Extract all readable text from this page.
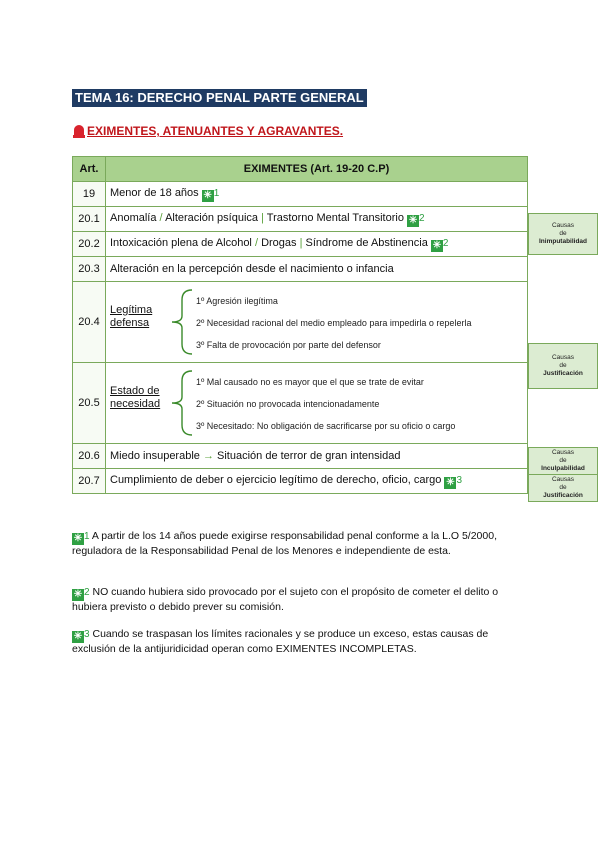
TEMA 16: DERECHO PENAL PARTE GENERAL
EXIMENTES, ATENUANTES Y AGRAVANTES.
Art.	EXIMENTES (Art. 19-20 C.P)
19	Menor de 18 años ✳ 1
20.1	Anomalía / Alteración psíquica | Trastorno Mental Transitorio ✳ 2
20.2	Intoxicación plena de Alcohol / Drogas | Síndrome de Abstinencia ✳ 2
20.3	Alteración en la percepción desde el nacimiento o infancia
20.4	Legítima
defensa
1º Agresión ilegítima
2º Necesidad racional del medio empleado para impedirla o repelerla
3º Falta de provocación por parte del defensor

20.5	Estado de
necesidad
1º Mal causado no es mayor que el que se trate de evitar
2º Situación no provocada intencionadamente
3º Necesitado: No obligación de sacrificarse por su oficio o cargo

20.6	Miedo insuperable → Situación de terror de gran intensidad
20.7	Cumplimiento de deber o ejercicio legítimo de derecho, oficio, cargo ✳ 3
Causas
de
Inimputabilidad
Causas
de
Justificación
Causas
de
Inculpabilidad
Causas
de
Justificación
✳ 1 A partir de los 14 años puede exigirse responsabilidad penal conforme a la L.O 5/2000, reguladora de la Responsabilidad Penal de los Menores e independiente de esta.
✳ 2 NO cuando hubiera sido provocado por el sujeto con el propósito de cometer el delito o hubiera previsto o debido prever su comisión.
✳ 3 Cuando se traspasan los límites racionales y se produce un exceso, estas causas de exclusión de la antijuridicidad operan como EXIMENTES INCOMPLETAS.
